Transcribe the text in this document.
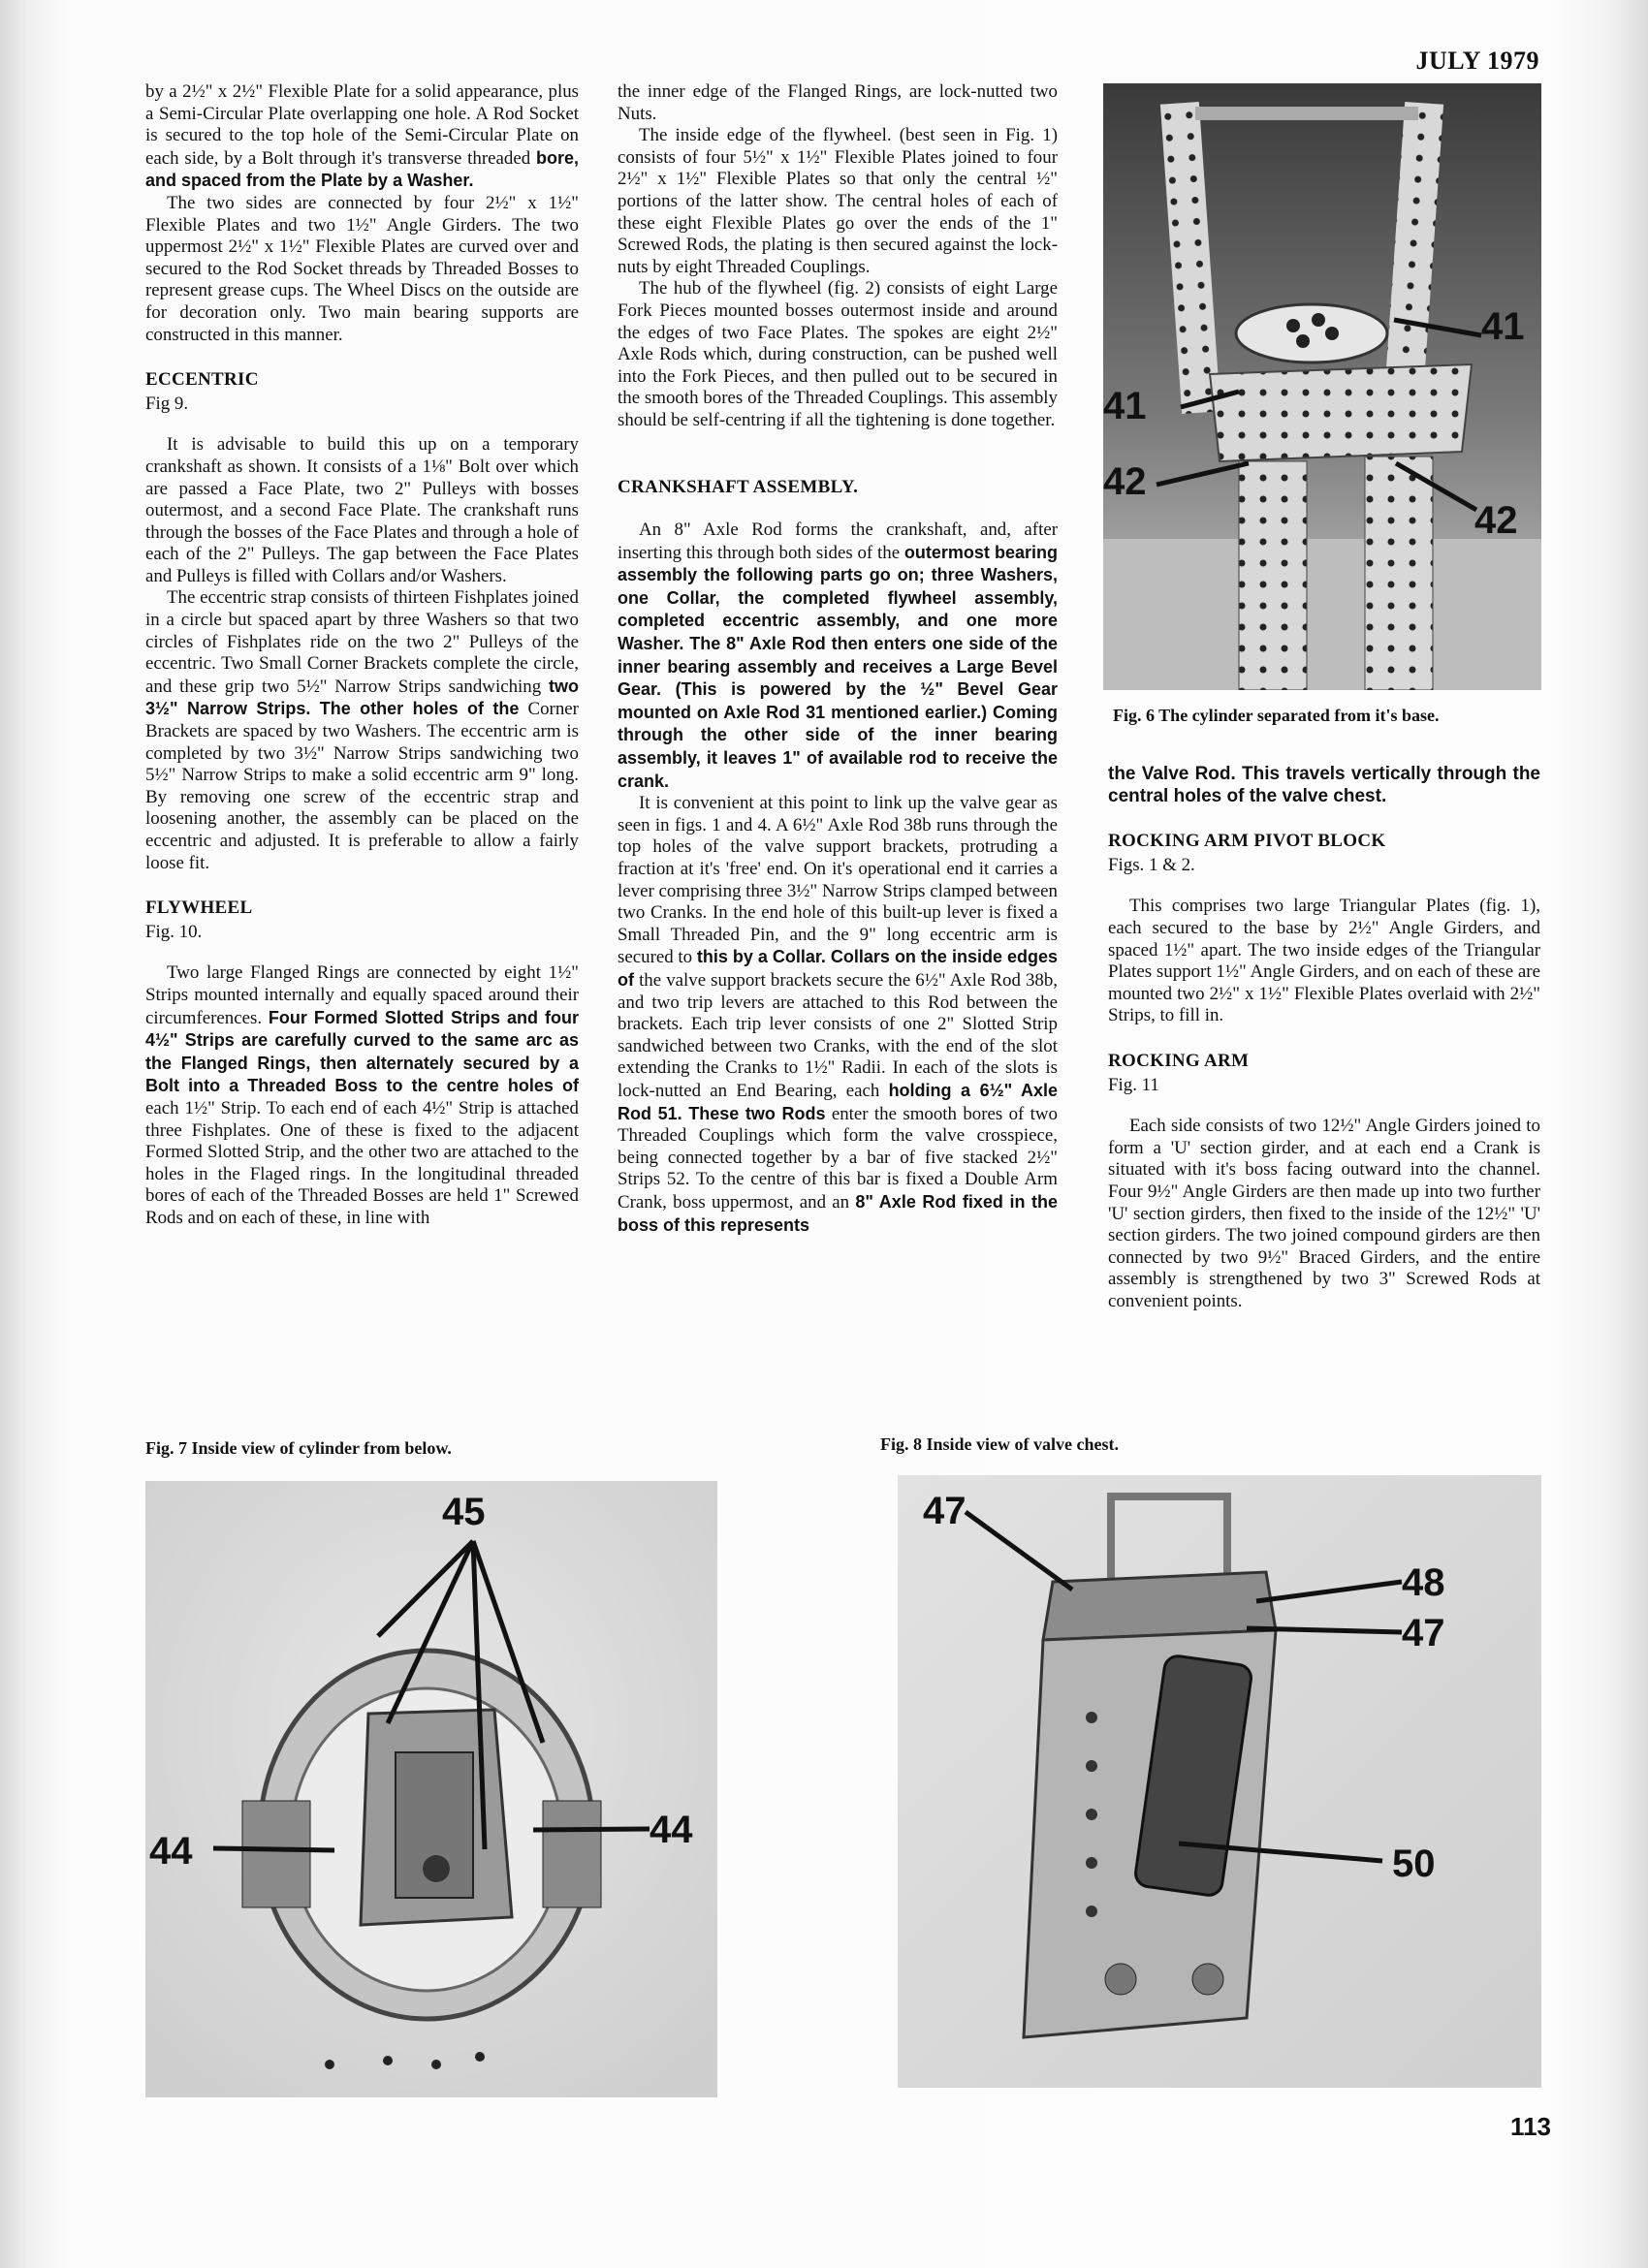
JULY 1979

by a 2½" x 2½" Flexible Plate for a solid appearance, plus a Semi-Circular Plate overlapping one hole. A Rod Socket is secured to the top hole of the Semi-Circular Plate on each side, by a Bolt through it's transverse threaded bore, and spaced from the Plate by a Washer.

The two sides are connected by four 2½" x 1½" Flexible Plates and two 1½" Angle Girders. The two uppermost 2½" x 1½" Flexible Plates are curved over and secured to the Rod Socket threads by Threaded Bosses to represent grease cups. The Wheel Discs on the outside are for decoration only. Two main bearing supports are constructed in this manner.

ECCENTRIC
Fig 9.

It is advisable to build this up on a temporary crankshaft as shown. It consists of a 1⅛" Bolt over which are passed a Face Plate, two 2" Pulleys with bosses outermost, and a second Face Plate. The crankshaft runs through the bosses of the Face Plates and through a hole of each of the 2" Pulleys. The gap between the Face Plates and Pulleys is filled with Collars and/or Washers.

The eccentric strap consists of thirteen Fishplates joined in a circle but spaced apart by three Washers so that two circles of Fishplates ride on the two 2" Pulleys of the eccentric. Two Small Corner Brackets complete the circle, and these grip two 5½" Narrow Strips sandwiching two 3½" Narrow Strips. The other holes of the Corner Brackets are spaced by two Washers. The eccentric arm is completed by two 3½" Narrow Strips sandwiching two 5½" Narrow Strips to make a solid eccentric arm 9" long. By removing one screw of the eccentric strap and loosening another, the assembly can be placed on the eccentric and adjusted. It is preferable to allow a fairly loose fit.

FLYWHEEL
Fig. 10.

Two large Flanged Rings are connected by eight 1½" Strips mounted internally and equally spaced around their circumferences. Four Formed Slotted Strips and four 4½" Strips are carefully curved to the same arc as the Flanged Rings, then alternately secured by a Bolt into a Threaded Boss to the centre holes of each 1½" Strip. To each end of each 4½" Strip is attached three Fishplates. One of these is fixed to the adjacent Formed Slotted Strip, and the other two are attached to the holes in the Flaged rings. In the longitudinal threaded bores of each of the Threaded Bosses are held 1" Screwed Rods and on each of these, in line with

the inner edge of the Flanged Rings, are lock-nutted two Nuts.

The inside edge of the flywheel. (best seen in Fig. 1) consists of four 5½" x 1½" Flexible Plates joined to four 2½" x 1½" Flexible Plates so that only the central ½" portions of the latter show. The central holes of each of these eight Flexible Plates go over the ends of the 1" Screwed Rods, the plating is then secured against the lock-nuts by eight Threaded Couplings.

The hub of the flywheel (fig. 2) consists of eight Large Fork Pieces mounted bosses outermost inside and around the edges of two Face Plates. The spokes are eight 2½" Axle Rods which, during construction, can be pushed well into the Fork Pieces, and then pulled out to be secured in the smooth bores of the Threaded Couplings. This assembly should be self-centring if all the tightening is done together.

CRANKSHAFT ASSEMBLY.

An 8" Axle Rod forms the crankshaft, and, after inserting this through both sides of the outermost bearing assembly the following parts go on; three Washers, one Collar, the completed flywheel assembly, completed eccentric assembly, and one more Washer. The 8" Axle Rod then enters one side of the inner bearing assembly and receives a Large Bevel Gear. (This is powered by the ½" Bevel Gear mounted on Axle Rod 31 mentioned earlier.) Coming through the other side of the inner bearing assembly, it leaves 1" of available rod to receive the crank.

It is convenient at this point to link up the valve gear as seen in figs. 1 and 4. A 6½" Axle Rod 38b runs through the top holes of the valve support brackets, protruding a fraction at it's 'free' end. On it's operational end it carries a lever comprising three 3½" Narrow Strips clamped between two Cranks. In the end hole of this built-up lever is fixed a Small Threaded Pin, and the 9" long eccentric arm is secured to this by a Collar. Collars on the inside edges of the valve support brackets secure the 6½" Axle Rod 38b, and two trip levers are attached to this Rod between the brackets. Each trip lever consists of one 2" Slotted Strip sandwiched between two Cranks, with the end of the slot extending the Cranks to 1½" Radii. In each of the slots is lock-nutted an End Bearing, each holding a 6½" Axle Rod 51. These two Rods enter the smooth bores of two Threaded Couplings which form the valve crosspiece, being connected together by a bar of five stacked 2½" Strips 52. To the centre of this bar is fixed a Double Arm Crank, boss uppermost, and an 8" Axle Rod fixed in the boss of this represents

41
41
42
42
Fig. 6 The cylinder separated from it's base.

the Valve Rod. This travels vertically through the central holes of the valve chest.

ROCKING ARM PIVOT BLOCK
Figs. 1 & 2.

This comprises two large Triangular Plates (fig. 1), each secured to the base by 2½" Angle Girders, and spaced 1½" apart. The two inside edges of the Triangular Plates support 1½" Angle Girders, and on each of these are mounted two 2½" x 1½" Flexible Plates overlaid with 2½" Strips, to fill in.

ROCKING ARM
Fig. 11

Each side consists of two 12½" Angle Girders joined to form a 'U' section girder, and at each end a Crank is situated with it's boss facing outward into the channel. Four 9½" Angle Girders are then made up into two further 'U' section girders, then fixed to the inside of the 12½" 'U' section girders. The two joined compound girders are then connected by two 9½" Braced Girders, and the entire assembly is strengthened by two 3" Screwed Rods at convenient points.

Fig. 7 Inside view of cylinder from below.
45
44	44
Fig. 8 Inside view of valve chest.
47
48
47
50
113
